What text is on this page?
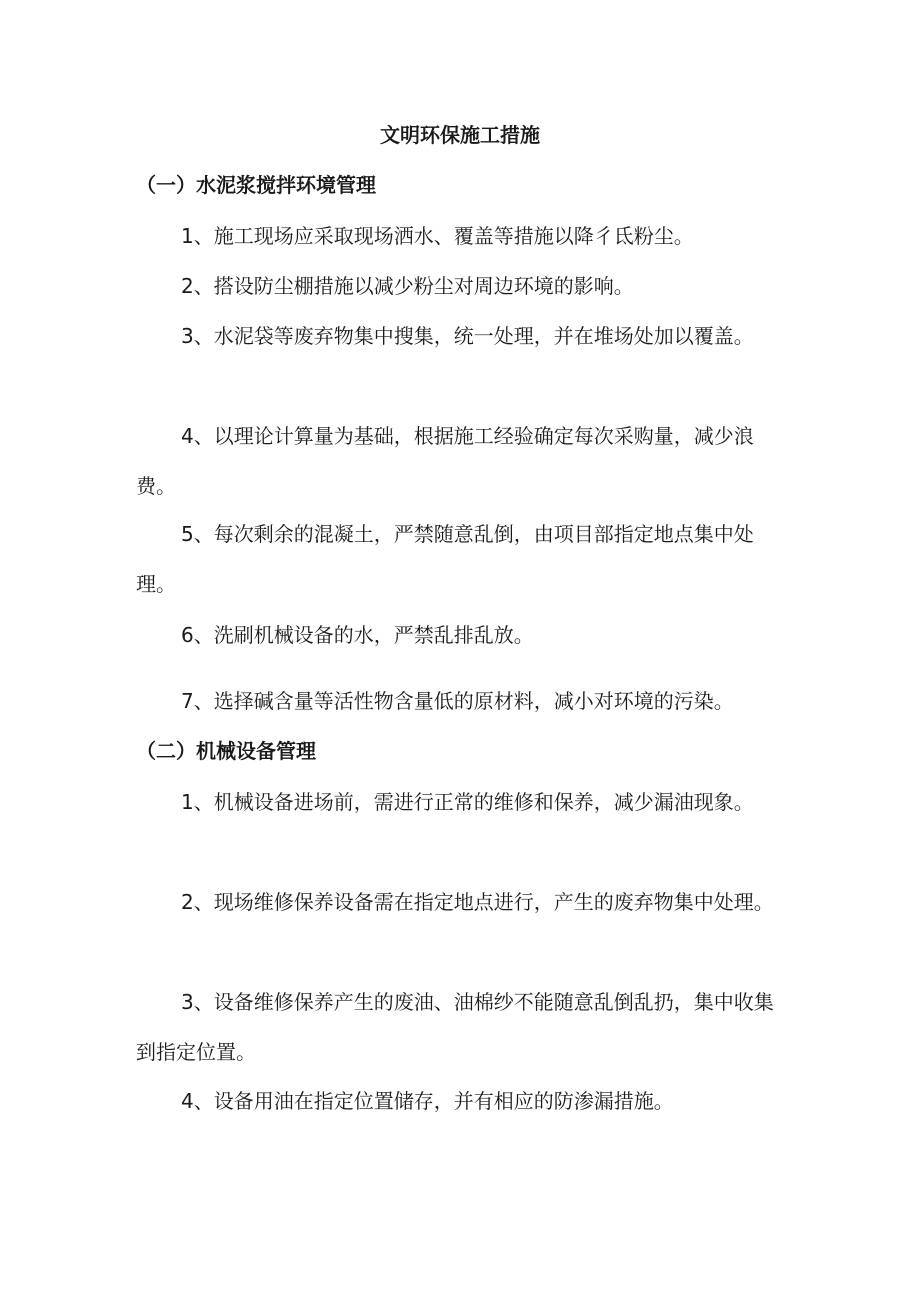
文明环保施工措施
（一）水泥浆搅拌环境管理

1、施工现场应采取现场洒水、覆盖等措施以降彳氐粉尘。

2、搭设防尘棚措施以减少粉尘对周边环境的影响。

3、水泥袋等废弃物集中搜集，统一处理，并在堆场处加以覆盖。

4、以理论计算量为基础，根据施工经验确定每次采购量，减少浪费。

5、每次剩余的混凝土，严禁随意乱倒，由项目部指定地点集中处理。

6、洗刷机械设备的水，严禁乱排乱放。

7、选择碱含量等活性物含量低的原材料，减小对环境的污染。

（二）机械设备管理

1、机械设备进场前，需进行正常的维修和保养，减少漏油现象。

2、现场维修保养设备需在指定地点进行，产生的废弃物集中处理。

3、设备维修保养产生的废油、油棉纱不能随意乱倒乱扔，集中收集到指定位置。

4、设备用油在指定位置储存，并有相应的防渗漏措施。
